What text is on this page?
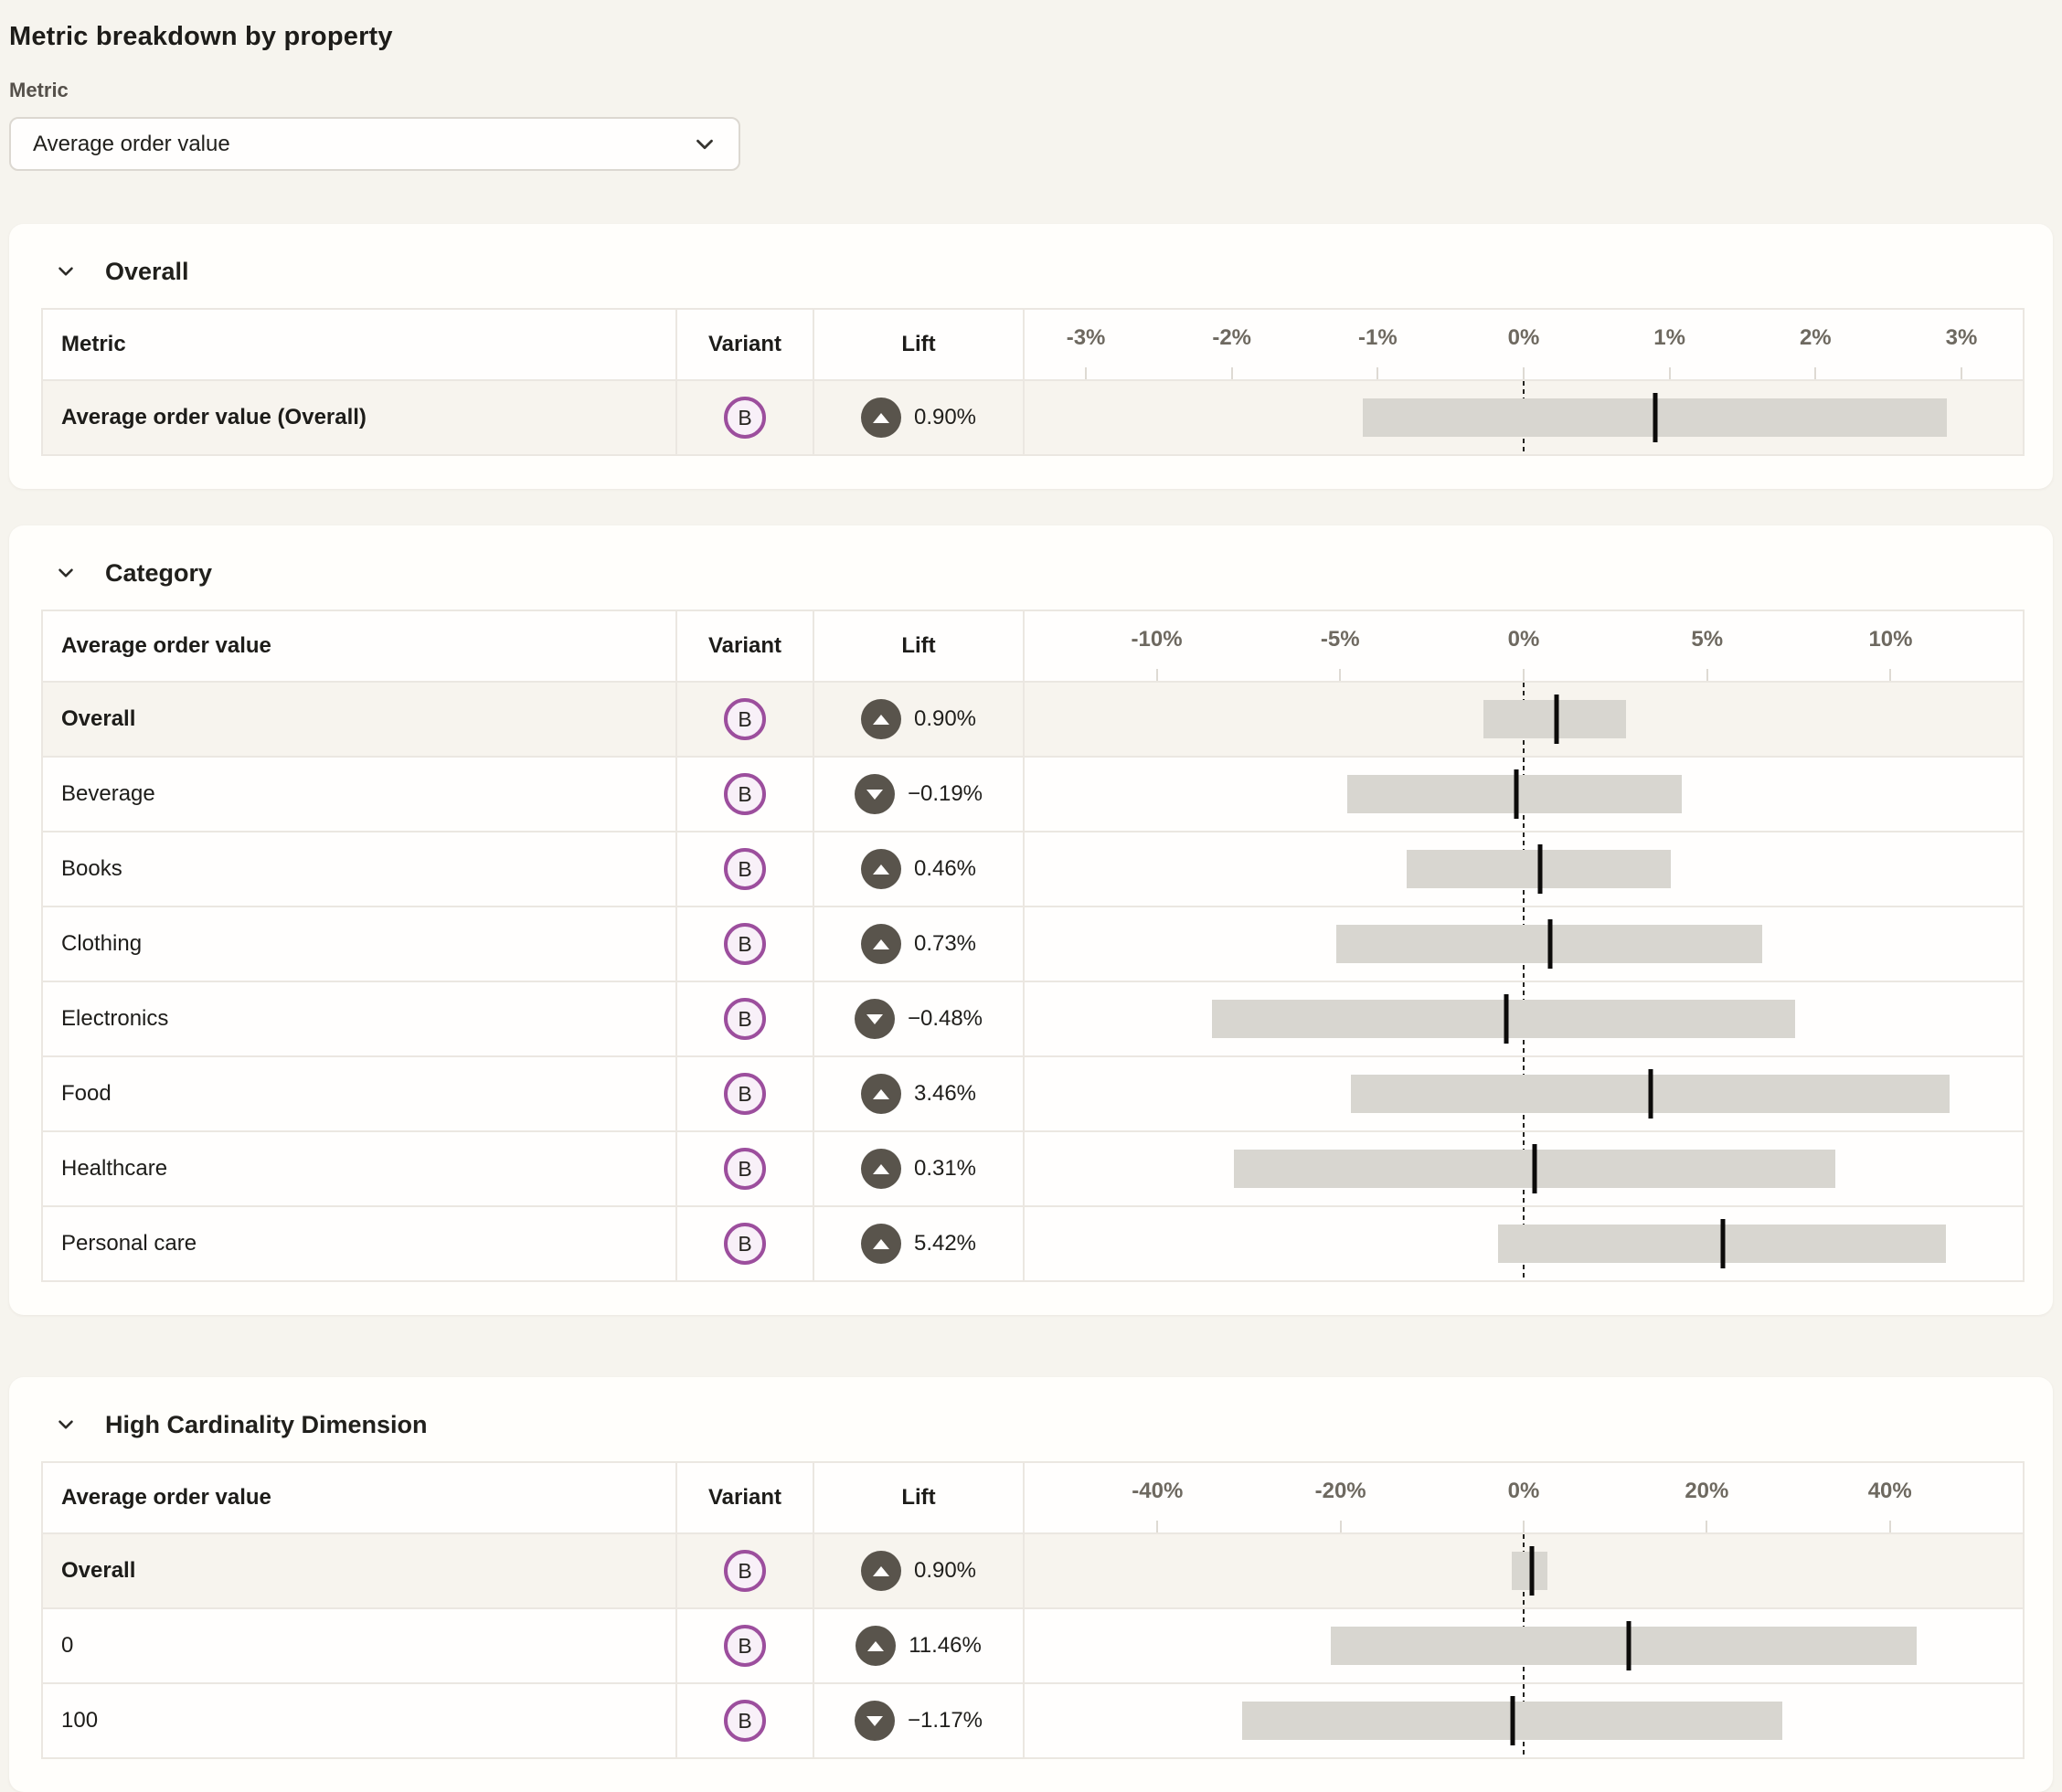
Metric breakdown by property
Metric
Average order value
Overall
Metric	Variant	Lift	-3%	-2%	-1%	0%	1%	2%	3%
Average order value (Overall)	B	0.90%
Category
Average order value	Variant	Lift	-10%	-5%	0%	5%	10%
Overall	B	0.90%
Beverage	B	−0.19%
Books	B	0.46%
Clothing	B	0.73%
Electronics	B	−0.48%
Food	B	3.46%
Healthcare	B	0.31%
Personal care	B	5.42%
High Cardinality Dimension
Average order value	Variant	Lift	-40%	-20%	0%	20%	40%
Overall	B	0.90%
0	B	11.46%
100	B	−1.17%
